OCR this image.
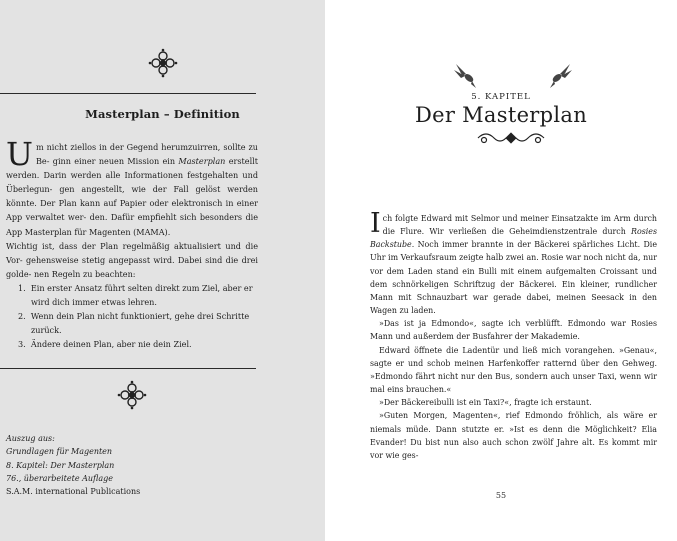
Masterplan – Definition

Um nicht ziellos in der Gegend herumzuirren, sollte zu Be- ginn einer neuen Mission ein Masterplan erstellt werden. Darin werden alle Informationen festgehalten und Überlegun- gen angestellt, wie der Fall gelöst werden könnte. Der Plan kann auf Papier oder elektronisch in einer App verwaltet wer- den. Dafür empfiehlt sich besonders die App Masterplan für Magenten (MAMA).

Wichtig ist, dass der Plan regelmäßig aktualisiert und die Vor- gehensweise stetig angepasst wird. Dabei sind die drei golde- nen Regeln zu beachten:

1. Ein erster Ansatz führt selten direkt zum Ziel, aber er wird dich immer etwas lehren.
2. Wenn dein Plan nicht funktioniert, gehe drei Schritte zurück.
3. Ändere deinen Plan, aber nie dein Ziel.
Auszug aus:
Grundlagen für Magenten
8. Kapitel: Der Masterplan
76., überarbeitete Auflage
S.A.M. international Publications
5. KAPITEL
Der Masterplan

Ich folgte Edward mit Selmor und meiner Einsatzakte im Arm durch die Flure. Wir verließen die Geheimdienstzentrale durch Rosies Backstube. Noch immer brannte in der Bäckerei spärliches Licht. Die Uhr im Verkaufsraum zeigte halb zwei an. Rosie war noch nicht da, nur vor dem Laden stand ein Bulli mit einem aufgemalten Croissant und dem schnörkeligen Schriftzug der Bäckerei. Ein kleiner, rundlicher Mann mit Schnauzbart war gerade dabei, meinen Seesack in den Wagen zu laden.

»Das ist ja Edmondo«, sagte ich verblüfft. Edmondo war Rosies Mann und außerdem der Busfahrer der Makademie.

Edward öffnete die Ladentür und ließ mich vorangehen. »Genau«, sagte er und schob meinen Harfenkoffer ratternd über den Gehweg. »Edmondo fährt nicht nur den Bus, sondern auch unser Taxi, wenn wir mal eins brauchen.«

»Der Bäckereibulli ist ein Taxi?«, fragte ich erstaunt.

»Guten Morgen, Magenten«, rief Edmondo fröhlich, als wäre er niemals müde. Dann stutzte er. »Ist es denn die Möglichkeit? Elia Evander! Du bist nun also auch schon zwölf Jahre alt. Es kommt mir vor wie ges-

55
